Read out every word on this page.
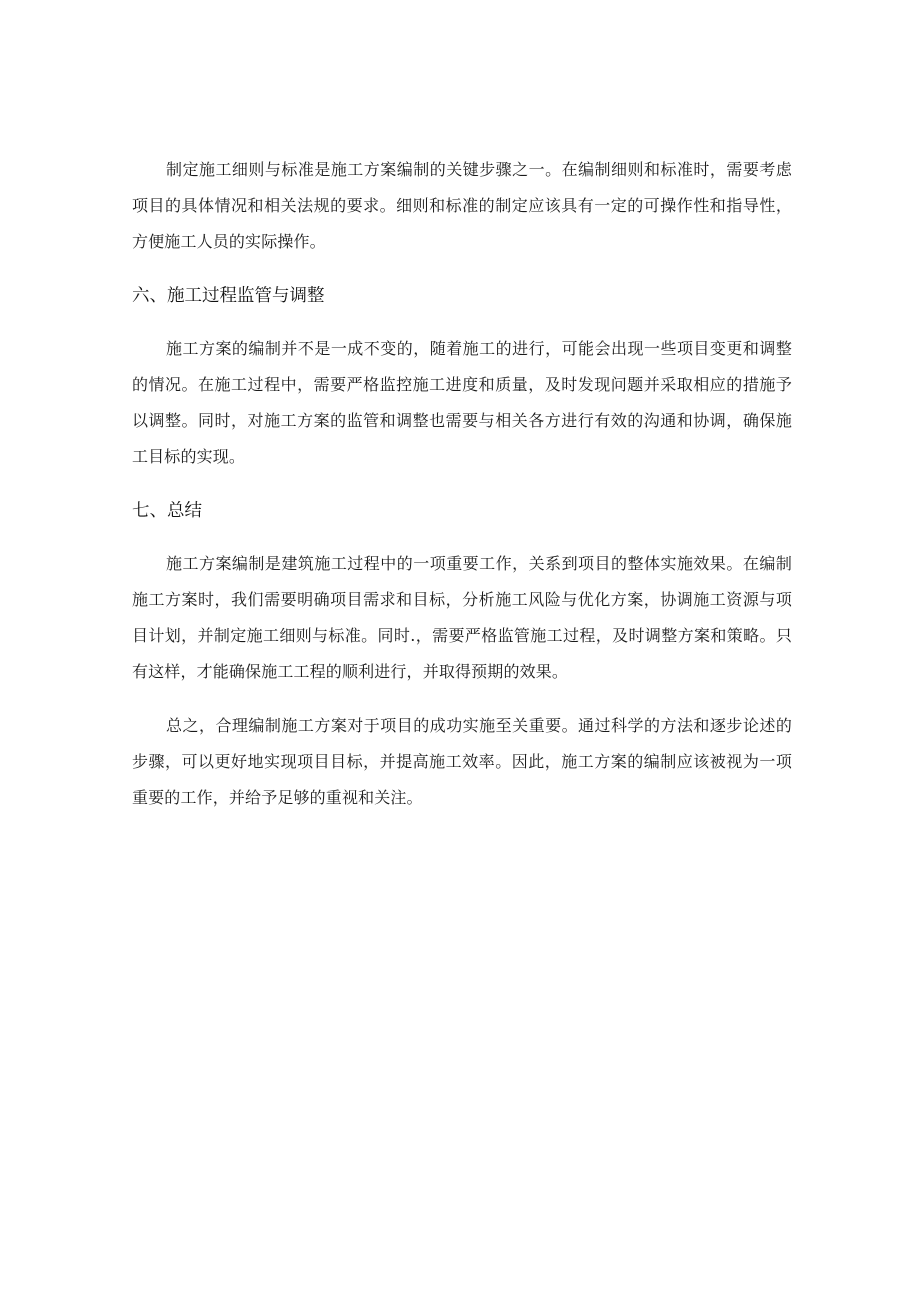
制定施工细则与标准是施工方案编制的关键步骤之一。在编制细则和标准时，需要考虑项目的具体情况和相关法规的要求。细则和标准的制定应该具有一定的可操作性和指导性，方便施工人员的实际操作。

六、施工过程监管与调整

施工方案的编制并不是一成不变的，随着施工的进行，可能会出现一些项目变更和调整的情况。在施工过程中，需要严格监控施工进度和质量，及时发现问题并采取相应的措施予以调整。同时，对施工方案的监管和调整也需要与相关各方进行有效的沟通和协调，确保施工目标的实现。

七、总结

施工方案编制是建筑施工过程中的一项重要工作，关系到项目的整体实施效果。在编制施工方案时，我们需要明确项目需求和目标，分析施工风险与优化方案，协调施工资源与项目计划，并制定施工细则与标准。同时.，需要严格监管施工过程，及时调整方案和策略。只有这样，才能确保施工工程的顺利进行，并取得预期的效果。

总之，合理编制施工方案对于项目的成功实施至关重要。通过科学的方法和逐步论述的步骤，可以更好地实现项目目标，并提高施工效率。因此，施工方案的编制应该被视为一项重要的工作，并给予足够的重视和关注。
